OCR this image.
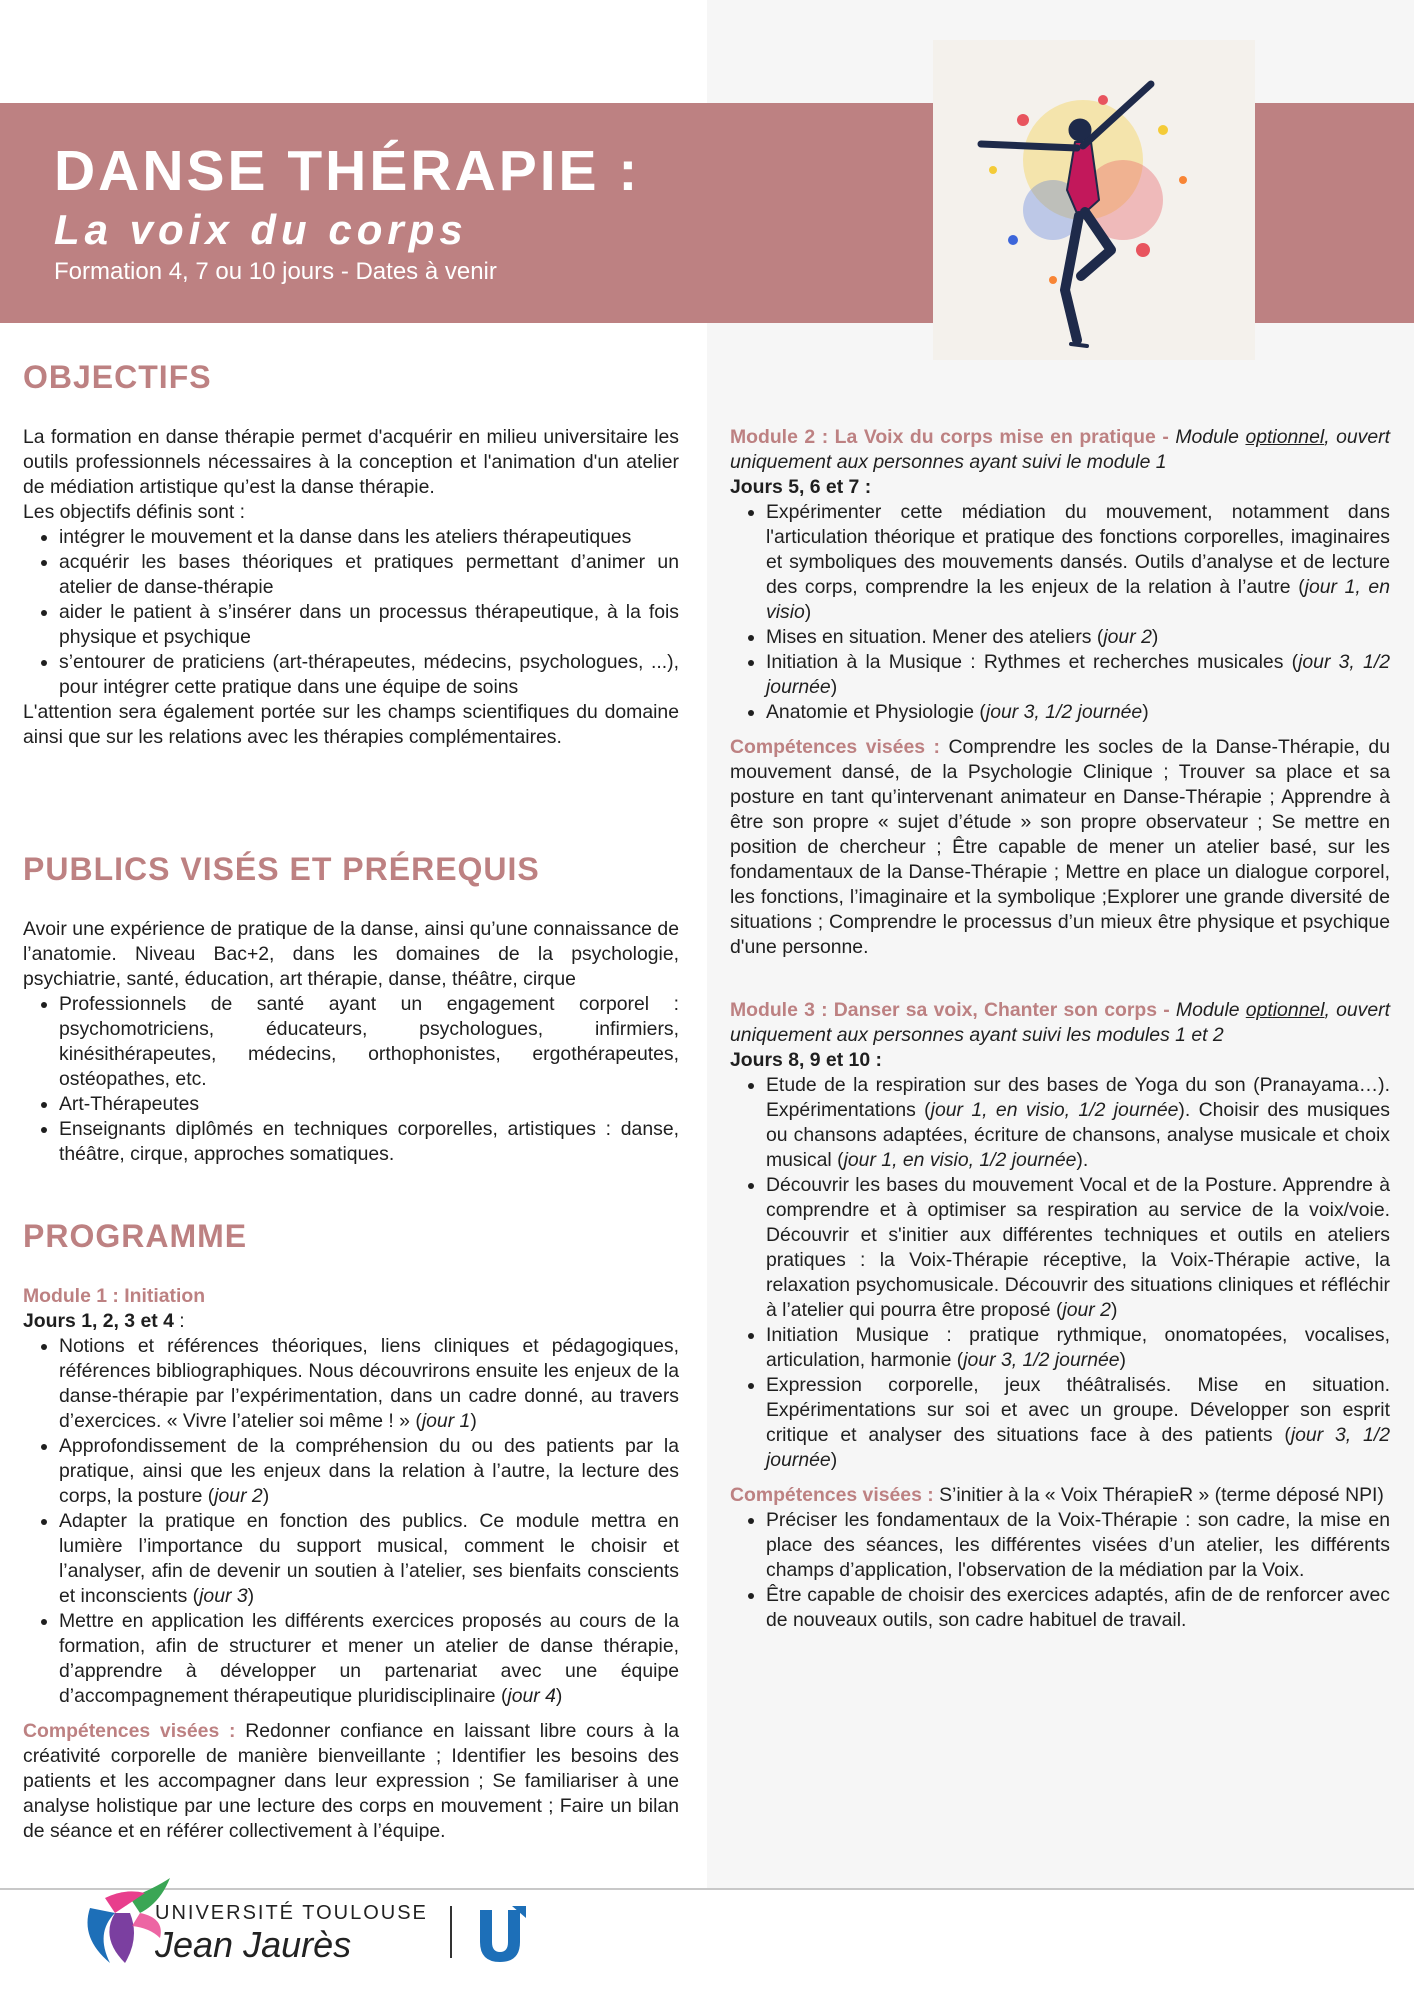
DANSE THÉRAPIE :
La voix du corps
Formation 4, 7 ou 10 jours - Dates à venir
OBJECTIFS

La formation en danse thérapie permet d'acquérir en milieu universitaire les outils professionnels nécessaires à la conception et l'animation d'un atelier de médiation artistique qu’est la danse thérapie.

Les objectifs définis sont :

• intégrer le mouvement et la danse dans les ateliers thérapeutiques
• acquérir les bases théoriques et pratiques permettant d’animer un atelier de danse-thérapie
• aider le patient à s’insérer dans un processus thérapeutique, à la fois physique et psychique
• s’entourer de praticiens (art-thérapeutes, médecins, psychologues, ...), pour intégrer cette pratique dans une équipe de soins

L'attention sera également portée sur les champs scientifiques du domaine ainsi que sur les relations avec les thérapies complémentaires.

PUBLICS VISÉS ET PRÉREQUIS

Avoir une expérience de pratique de la danse, ainsi qu’une connaissance de l’anatomie. Niveau Bac+2, dans les domaines de la psychologie, psychiatrie, santé, éducation, art thérapie, danse, théâtre, cirque

• Professionnels de santé ayant un engagement corporel : psychomotriciens, éducateurs, psychologues, infirmiers, kinésithérapeutes, médecins, orthophonistes, ergothérapeutes, ostéopathes, etc.
• Art-Thérapeutes
• Enseignants diplômés en techniques corporelles, artistiques : danse, théâtre, cirque, approches somatiques.
PROGRAMME

Module 1 : Initiation

Jours 1, 2, 3 et 4 :

• Notions et références théoriques, liens cliniques et pédagogiques, références bibliographiques. Nous découvrirons ensuite les enjeux de la danse-thérapie par l’expérimentation, dans un cadre donné, au travers d’exercices. « Vivre l’atelier soi même ! » (jour 1)
• Approfondissement de la compréhension du ou des patients par la pratique, ainsi que les enjeux dans la relation à l’autre, la lecture des corps, la posture (jour 2)
• Adapter la pratique en fonction des publics. Ce module mettra en lumière l’importance du support musical, comment le choisir et l’analyser, afin de devenir un soutien à l’atelier, ses bienfaits conscients et inconscients (jour 3)
• Mettre en application les différents exercices proposés au cours de la formation, afin de structurer et mener un atelier de danse thérapie, d’apprendre à développer un partenariat avec une équipe d’accompagnement thérapeutique pluridisciplinaire (jour 4)

Compétences visées : Redonner confiance en laissant libre cours à la créativité corporelle de manière bienveillante ; Identifier les besoins des patients et les accompagner dans leur expression ; Se familiariser à une analyse holistique par une lecture des corps en mouvement ; Faire un bilan de séance et en référer collectivement à l’équipe.

Module 2 : La Voix du corps mise en pratique - Module optionnel, ouvert uniquement aux personnes ayant suivi le module 1

Jours 5, 6 et 7 :

• Expérimenter cette médiation du mouvement, notamment dans l'articulation théorique et pratique des fonctions corporelles, imaginaires et symboliques des mouvements dansés. Outils d’analyse et de lecture des corps, comprendre la les enjeux de la relation à l’autre (jour 1, en visio)
• Mises en situation. Mener des ateliers (jour 2)
• Initiation à la Musique : Rythmes et recherches musicales (jour 3, 1/2 journée)
• Anatomie et Physiologie (jour 3, 1/2 journée)

Compétences visées : Comprendre les socles de la Danse-Thérapie, du mouvement dansé, de la Psychologie Clinique ; Trouver sa place et sa posture en tant qu’intervenant animateur en Danse-Thérapie ; Apprendre à être son propre « sujet d’étude » son propre observateur ; Se mettre en position de chercheur ; Être capable de mener un atelier basé, sur les fondamentaux de la Danse-Thérapie ; Mettre en place un dialogue corporel, les fonctions, l’imaginaire et la symbolique ;Explorer une grande diversité de situations ; Comprendre le processus d’un mieux être physique et psychique d'une personne.

Module 3 : Danser sa voix, Chanter son corps - Module optionnel, ouvert uniquement aux personnes ayant suivi les modules 1 et 2

Jours 8, 9 et 10 :

• Etude de la respiration sur des bases de Yoga du son (Pranayama…). Expérimentations (jour 1, en visio, 1/2 journée). Choisir des musiques ou chansons adaptées, écriture de chansons, analyse musicale et choix musical (jour 1, en visio, 1/2 journée).
• Découvrir les bases du mouvement Vocal et de la Posture. Apprendre à comprendre et à optimiser sa respiration au service de la voix/voie. Découvrir et s'initier aux différentes techniques et outils en ateliers pratiques : la Voix-Thérapie réceptive, la Voix-Thérapie active, la relaxation psychomusicale. Découvrir des situations cliniques et réfléchir à l’atelier qui pourra être proposé (jour 2)
• Initiation Musique : pratique rythmique, onomatopées, vocalises, articulation, harmonie (jour 3, 1/2 journée)
• Expression corporelle, jeux théâtralisés. Mise en situation. Expérimentations sur soi et avec un groupe. Développer son esprit critique et analyser des situations face à des patients (jour 3, 1/2 journée)

Compétences visées : S’initier à la « Voix ThérapieR » (terme déposé NPI)

• Préciser les fondamentaux de la Voix-Thérapie : son cadre, la mise en place des séances, les différentes visées d’un atelier, les différents champs d’application, l'observation de la médiation par la Voix.
• Être capable de choisir des exercices adaptés, afin de de renforcer avec de nouveaux outils, son cadre habituel de travail.
UNIVERSITÉ TOULOUSE
Jean Jaurès
